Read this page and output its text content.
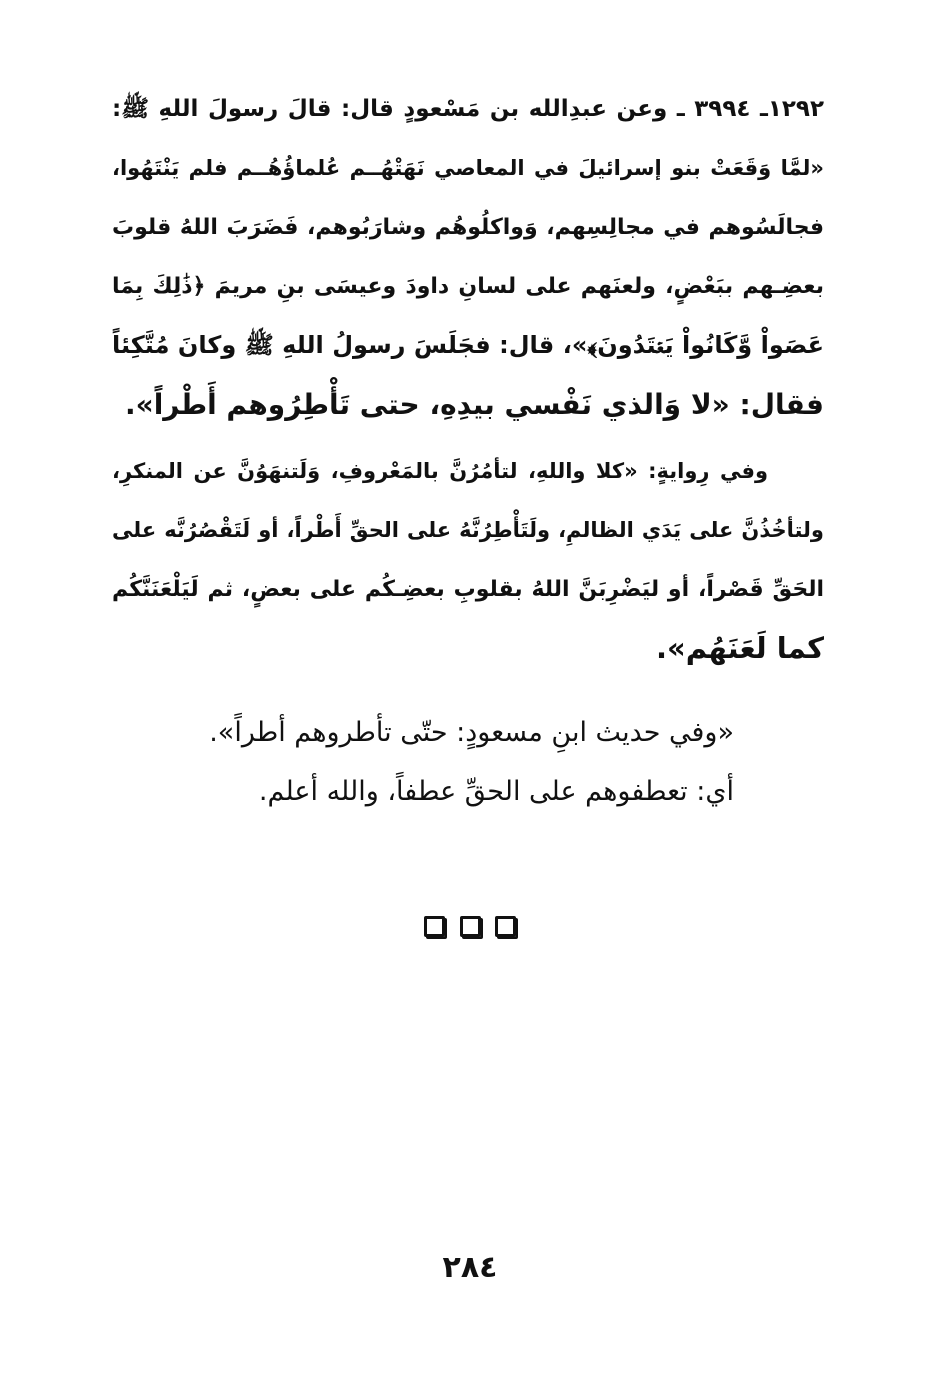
١٢٩٢ـ ٣٩٩٤ ـ وعن عبدِالله بن مَسْعودٍ قال: قالَ رسولَ اللهِ ﷺ:
«لمَّا وَقَعَتْ بنو إسرائيلَ في المعاصي نَهَتْهُــم عُلماؤُهُــم فلم يَنْتَهُوا،
فجالَسُوهم في مجالِسِهم، وَواكلُوهُم وشارَبُوهم، فَضَرَبَ اللهُ قلوبَ
بعضِـهم ببَعْضٍ، ولعنَهم على لسانِ داودَ وعيسَى بنِ مريمَ ﴿ذَٰلِكَ بِمَا
عَصَواْ وَّكَانُواْ يَعۡتَدُونَ﴾»، قال: فجَلَسَ رسولُ اللهِ ﷺ وكانَ مُتَّكِئاً
فقال: «لا وَالذي نَفْسي بيدِهِ، حتى تَأْطِرُوهم أَطْراً».
وفي رِوايةٍ: «كلا واللهِ، لتأمُرُنَّ بالمَعْروفِ، وَلَتنهَوُنَّ عن المنكرِ،
ولتأخُذُنَّ على يَدَي الظالمِ، ولَتَأْطِرُنَّهُ على الحقِّ أَطْراً، أو لَتَقْصُرُنَّه على
الحَقِّ قَصْراً، أو ليَضْرِبَنَّ اللهُ بقلوبِ بعضِـكُم على بعضٍ، ثم لَيَلْعَنَنَّكُم
كما لَعَنَهُم».
«وفي حديث ابنِ مسعودٍ: حتّى تأطروهم أطراً».
أي: تعطفوهم على الحقِّ عطفاً، والله أعلم.
٢٨٤
